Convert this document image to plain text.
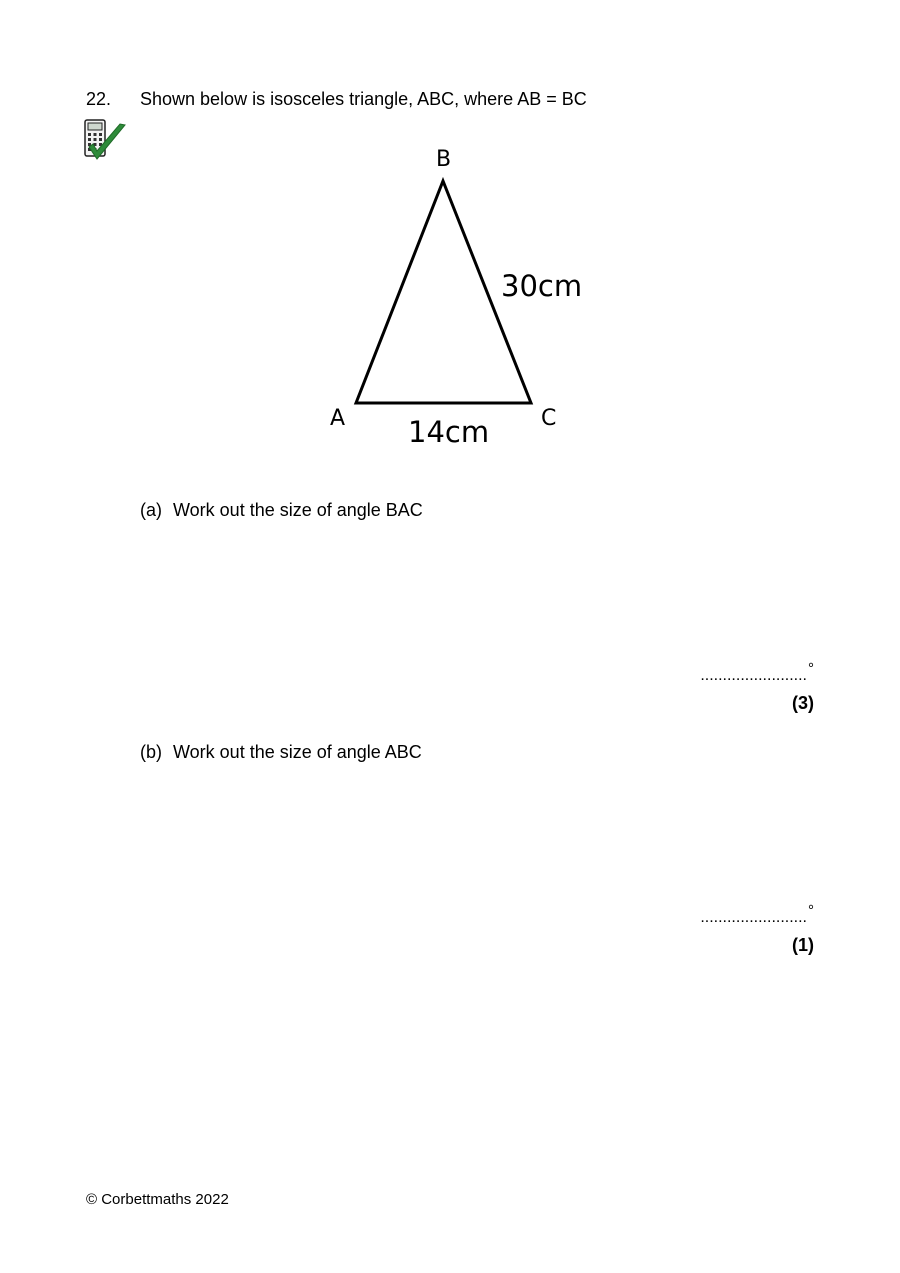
22. Shown below is isosceles triangle, ABC, where AB = BC
B
A	C
30cm
14cm
(a) Work out the size of angle BAC
........................°
(3)
(b) Work out the size of angle ABC
........................°
(1)
© Corbettmaths 2022
